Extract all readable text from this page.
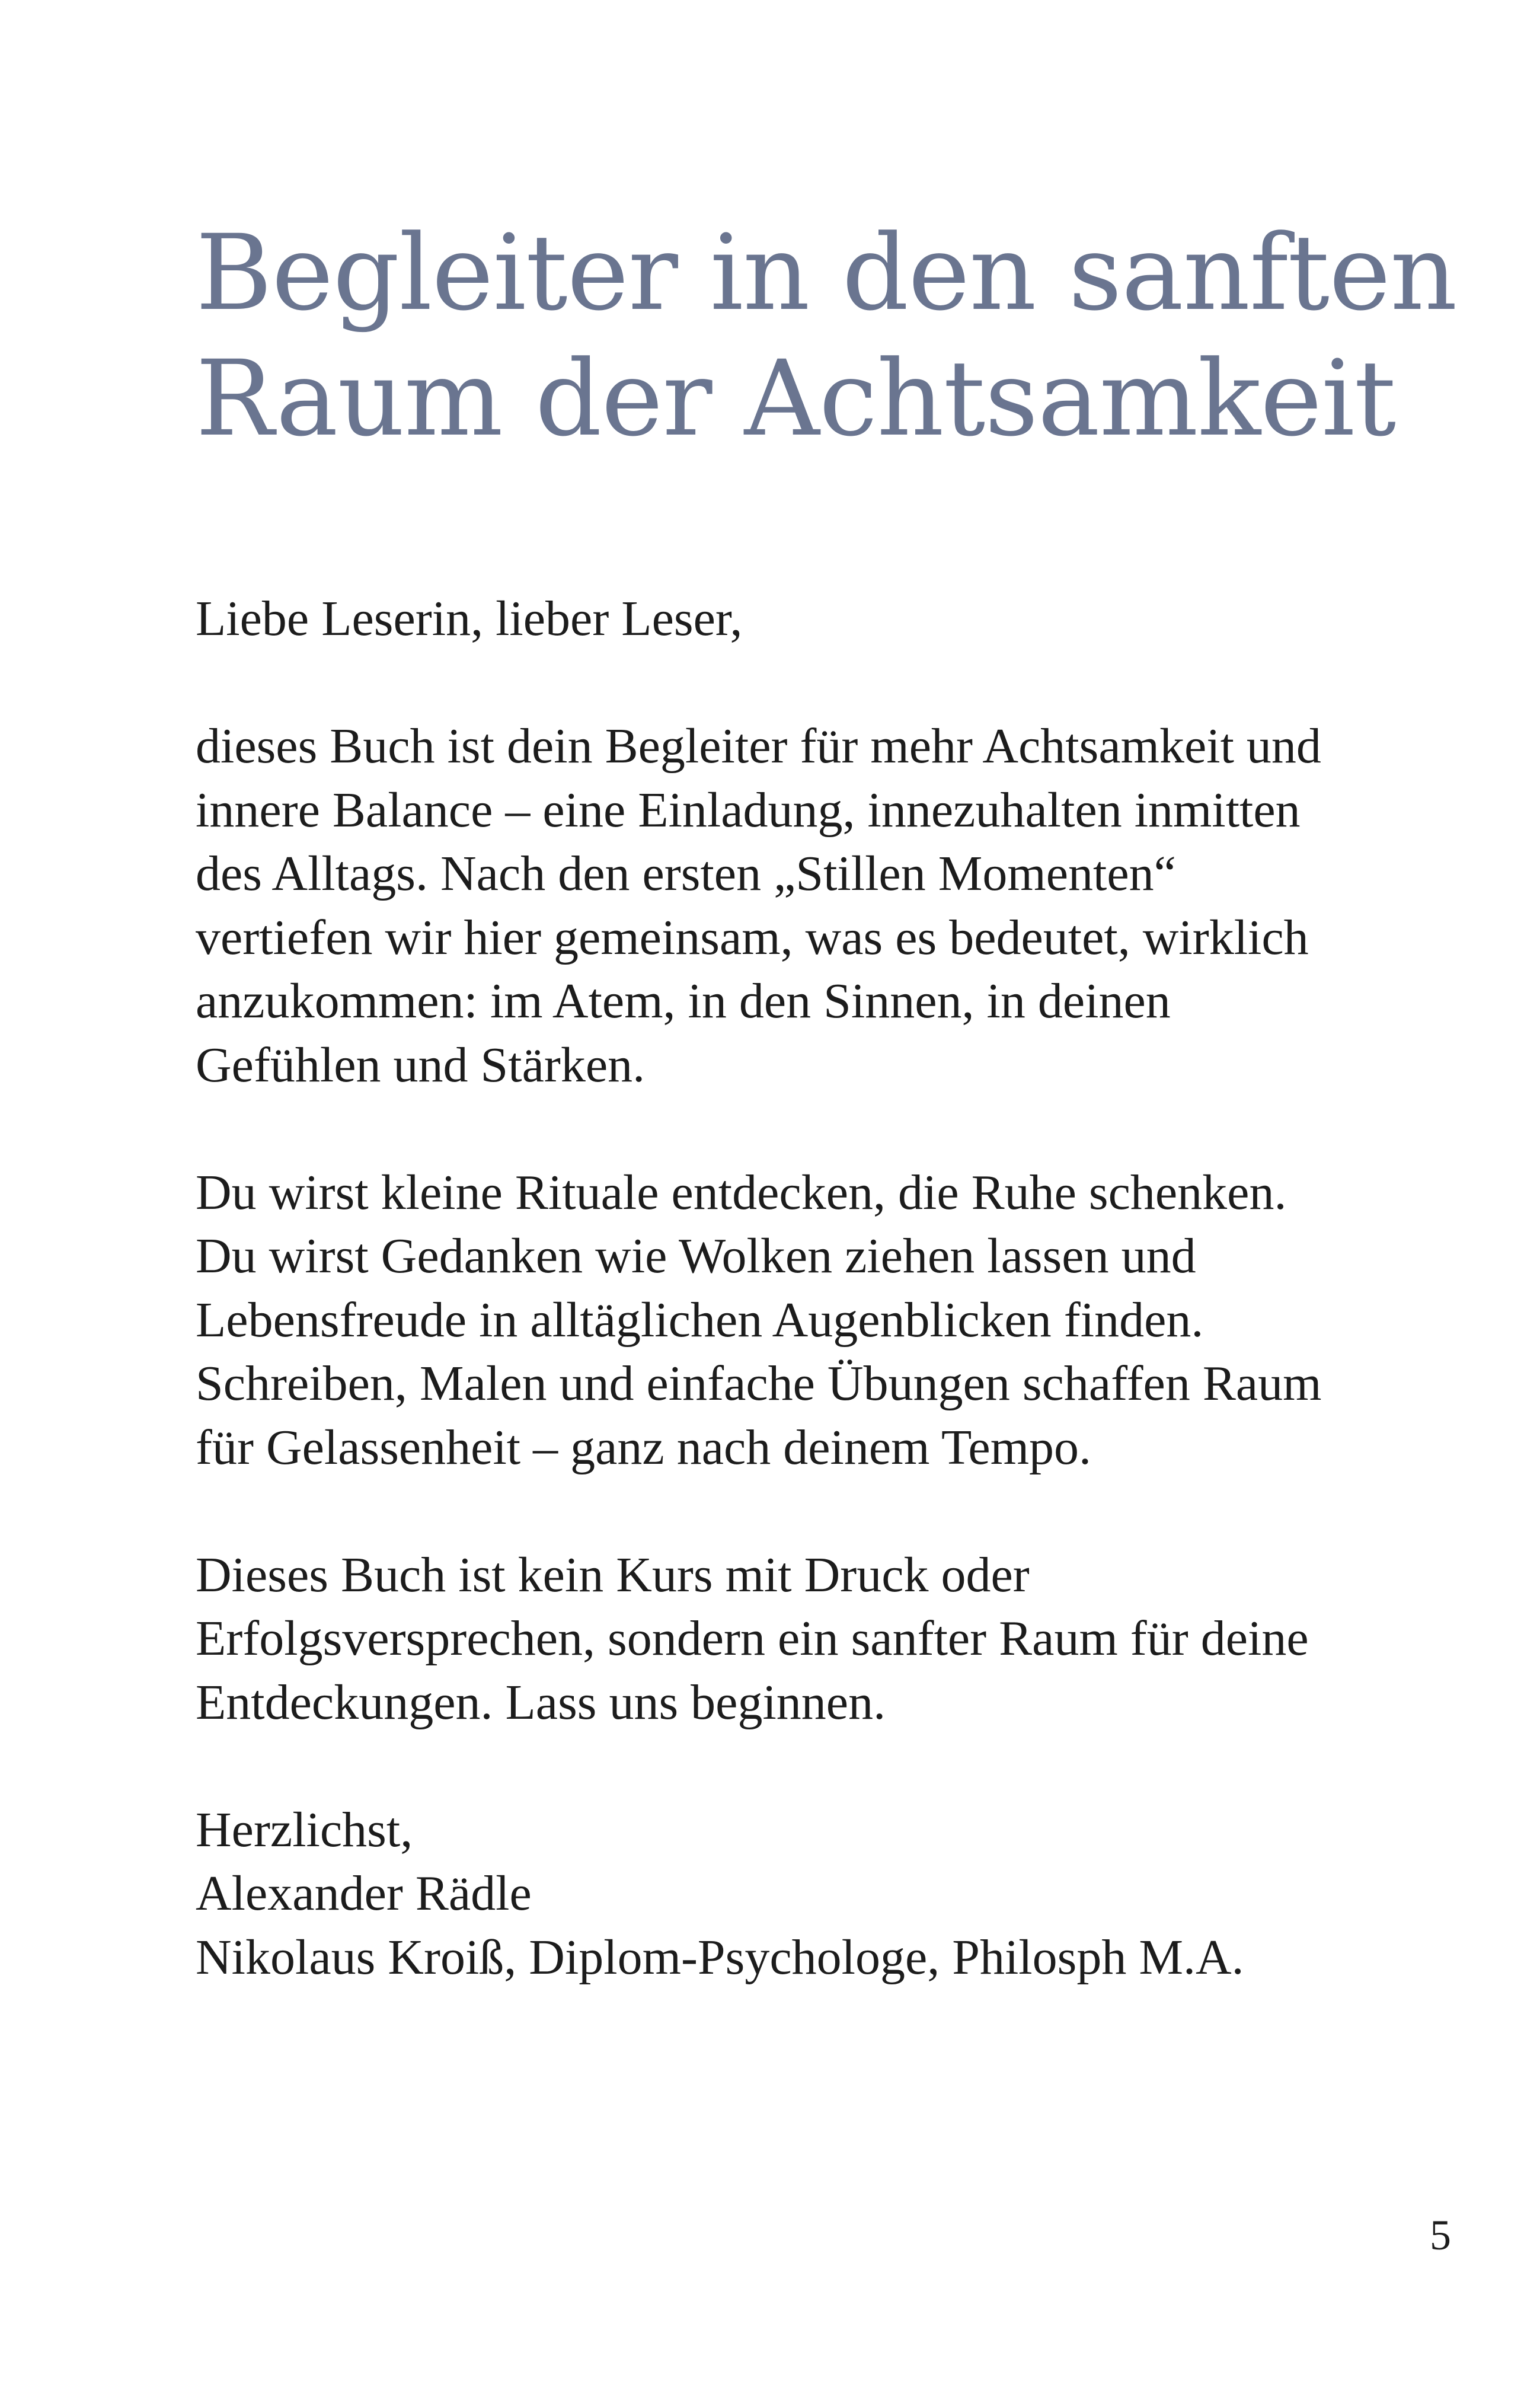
Begleiter in den sanften
Raum der Achtsamkeit
Liebe Leserin, lieber Leser,
dieses Buch ist dein Begleiter für mehr Achtsamkeit und
innere Balance – eine Einladung, innezuhalten inmitten
des Alltags. Nach den ersten „Stillen Momenten“
vertiefen wir hier gemeinsam, was es bedeutet, wirklich
anzukommen: im Atem, in den Sinnen, in deinen
Gefühlen und Stärken.
Du wirst kleine Rituale entdecken, die Ruhe schenken.
Du wirst Gedanken wie Wolken ziehen lassen und
Lebensfreude in alltäglichen Augenblicken finden.
Schreiben, Malen und einfache Übungen schaffen Raum
für Gelassenheit – ganz nach deinem Tempo.
Dieses Buch ist kein Kurs mit Druck oder
Erfolgsversprechen, sondern ein sanfter Raum für deine
Entdeckungen. Lass uns beginnen.
Herzlichst,
Alexander Rädle
Nikolaus Kroiß, Diplom-Psychologe, Philosph M.A.
5
